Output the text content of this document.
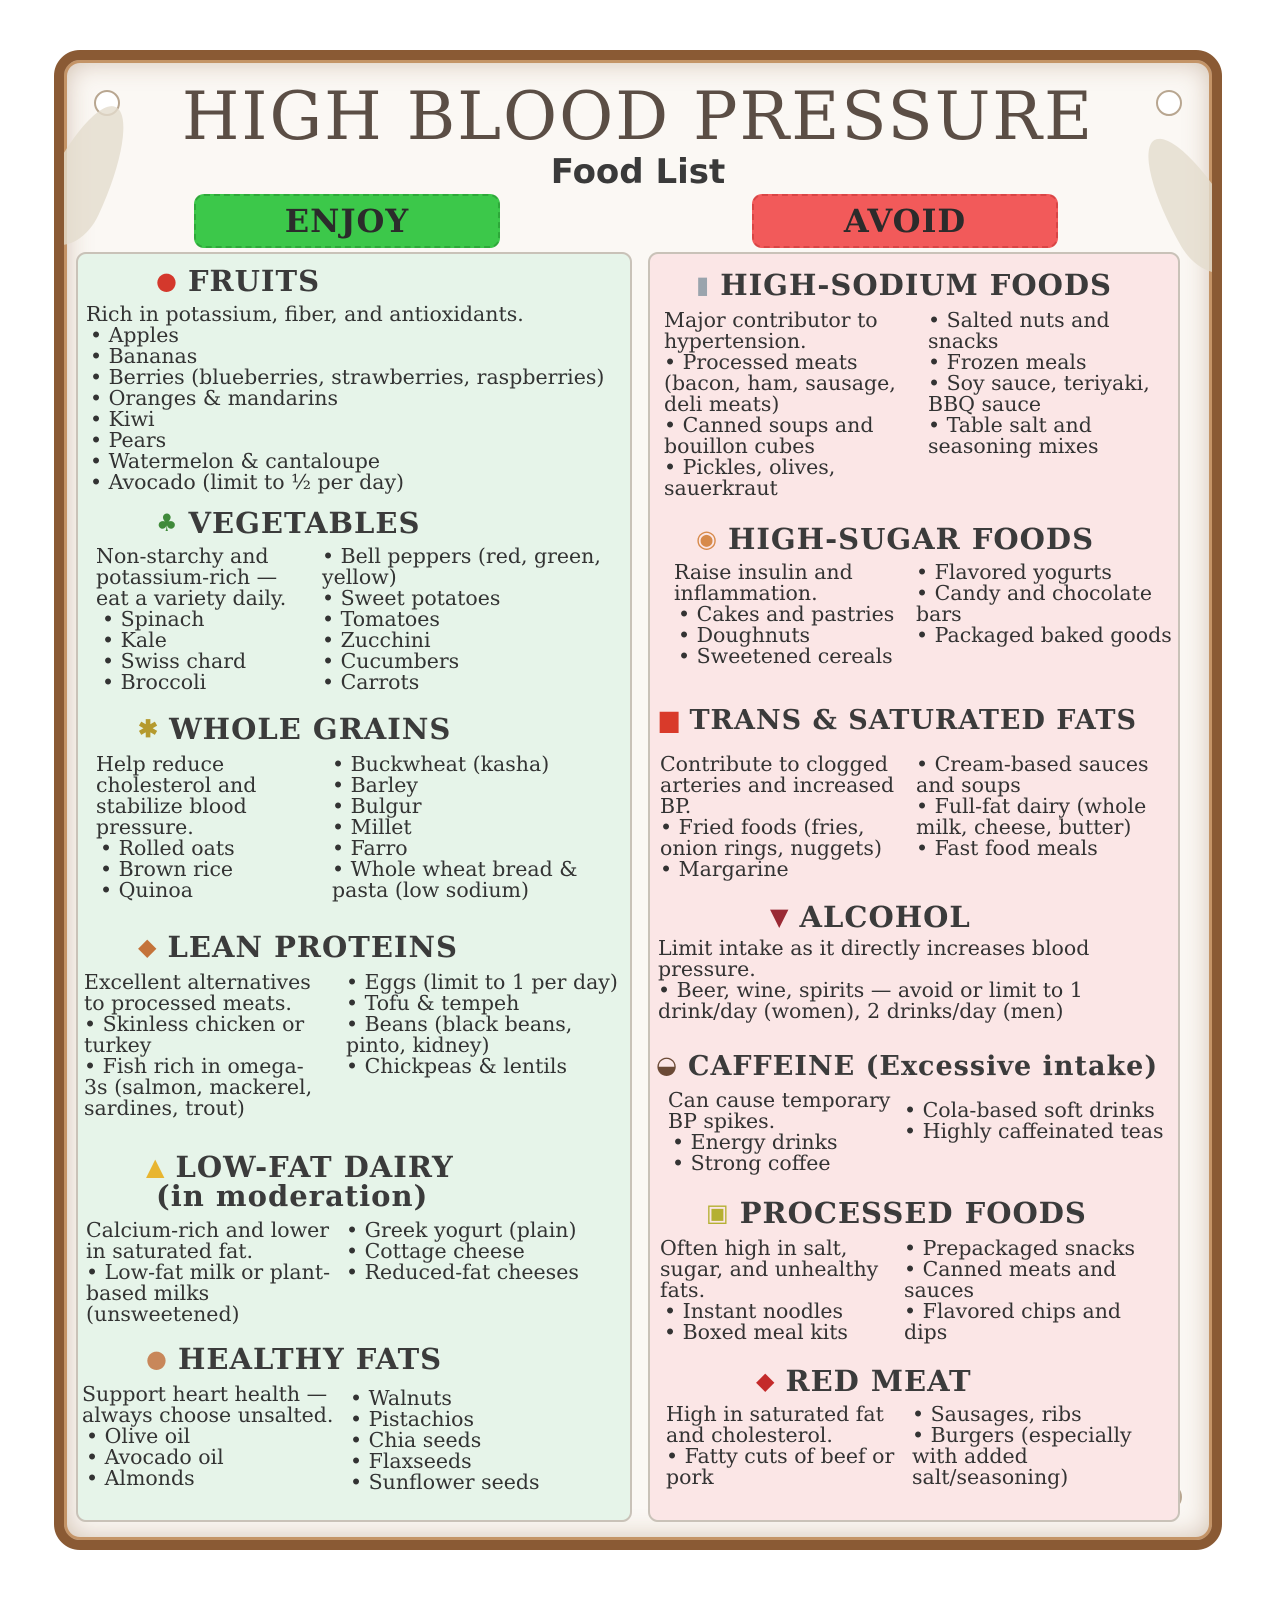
HIGH BLOOD PRESSURE
Food List
ENJOY	AVOID
● FRUITS
Rich in potassium, fiber, and antioxidants.
• Apples
• Bananas
• Berries (blueberries, strawberries, raspberries)
• Oranges & mandarins
• Kiwi
• Pears
• Watermelon & cantaloupe
• Avocado (limit to ½ per day)
♣ VEGETABLES
Non-starchy and
potassium-rich —
eat a variety daily.
• Spinach
• Kale
• Swiss chard
• Broccoli
• Bell peppers (red, green, yellow)
• Sweet potatoes
• Tomatoes
• Zucchini
• Cucumbers
• Carrots
✱ WHOLE GRAINS
Help reduce
cholesterol and
stabilize blood
pressure.
• Rolled oats
• Brown rice
• Quinoa
• Buckwheat (kasha)
• Barley
• Bulgur
• Millet
• Farro
• Whole wheat bread & pasta (low sodium)
◆ LEAN PROTEINS
Excellent alternatives
to processed meats.
• Skinless chicken or turkey
• Fish rich in omega-3s (salmon, mackerel, sardines, trout)
• Eggs (limit to 1 per day)
• Tofu & tempeh
• Beans (black beans, pinto, kidney)
• Chickpeas & lentils
▲ LOW-FAT DAIRY
(in moderation)
Calcium-rich and lower
in saturated fat.
• Low-fat milk or plant-based milks (unsweetened)
• Greek yogurt (plain)
• Cottage cheese
• Reduced-fat cheeses
● HEALTHY FATS
Support heart health —
always choose unsalted.
• Olive oil
• Avocado oil
• Almonds
• Walnuts
• Pistachios
• Chia seeds
• Flaxseeds
• Sunflower seeds
▮ HIGH-SODIUM FOODS
Major contributor to
hypertension.
• Processed meats (bacon, ham, sausage, deli meats)
• Canned soups and bouillon cubes
• Pickles, olives, sauerkraut
• Salted nuts and snacks
• Frozen meals
• Soy sauce, teriyaki, BBQ sauce
• Table salt and seasoning mixes
◉ HIGH-SUGAR FOODS
Raise insulin and
inflammation.
• Cakes and pastries
• Doughnuts
• Sweetened cereals
• Flavored yogurts
• Candy and chocolate bars
• Packaged baked goods
▆ TRANS & SATURATED FATS
Contribute to clogged
arteries and increased
BP.
• Fried foods (fries, onion rings, nuggets)
• Margarine
• Cream-based sauces and soups
• Full-fat dairy (whole milk, cheese, butter)
• Fast food meals
▼ ALCOHOL
Limit intake as it directly increases blood
pressure.
• Beer, wine, spirits — avoid or limit to 1 drink/day (women), 2 drinks/day (men)
◒ CAFFEINE (Excessive intake)
Can cause temporary
BP spikes.
• Energy drinks
• Strong coffee
• Cola-based soft drinks
• Highly caffeinated teas
▣ PROCESSED FOODS
Often high in salt,
sugar, and unhealthy
fats.
• Instant noodles
• Boxed meal kits
• Prepackaged snacks
• Canned meats and sauces
• Flavored chips and dips
◆ RED MEAT
High in saturated fat
and cholesterol.
• Fatty cuts of beef or pork
• Sausages, ribs
• Burgers (especially with added salt/seasoning)
